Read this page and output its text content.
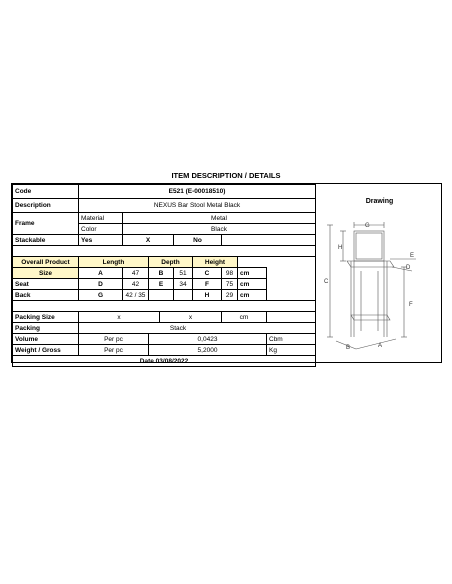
ITEM DESCRIPTION / DETAILS
Code	E521 (E-00018510)								
Description	NEXUS Bar Stool Metal Black								
Frame	Material	Metal							
	Color	Black							
Stackable	Yes	X			No				

Overall Product	Length		Depth			Height			
Size	A	47	B		51	C	98	cm	
Seat	D	42	E		34	F	75	cm	
Back	G	42 / 35				H	29	cm	

Packing Size	x			x			cm		
Packing	Stack								
Volume	Per pc		0,0423						Cbm
Weight / Gross	Per pc		5,2000						Kg
Date 03/08/2022									
Drawing
G
H
E
D
C
F
B	A
